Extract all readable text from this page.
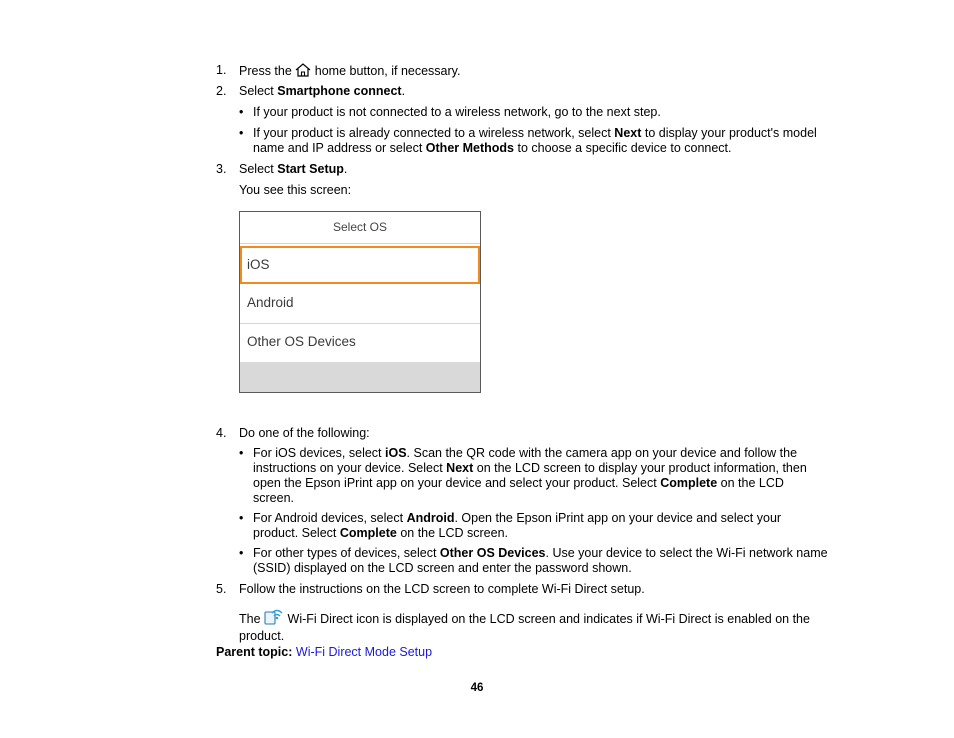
1. Press the home button, if necessary.
2. Select Smartphone connect.
• If your product is not connected to a wireless network, go to the next step.
• If your product is already connected to a wireless network, select Next to display your product's model name and IP address or select Other Methods to choose a specific device to connect.
3. Select Start Setup.
You see this screen:
Select OS
iOS
Android
Other OS Devices
4. Do one of the following:
• For iOS devices, select iOS. Scan the QR code with the camera app on your device and follow the instructions on your device. Select Next on the LCD screen to display your product information, then open the Epson iPrint app on your device and select your product. Select Complete on the LCD screen.
• For Android devices, select Android. Open the Epson iPrint app on your device and select your product. Select Complete on the LCD screen.
• For other types of devices, select Other OS Devices. Use your device to select the Wi-Fi network name (SSID) displayed on the LCD screen and enter the password shown.
5. Follow the instructions on the LCD screen to complete Wi-Fi Direct setup.
The Wi-Fi Direct icon is displayed on the LCD screen and indicates if Wi-Fi Direct is enabled on the product.
Parent topic: Wi-Fi Direct Mode Setup
46
